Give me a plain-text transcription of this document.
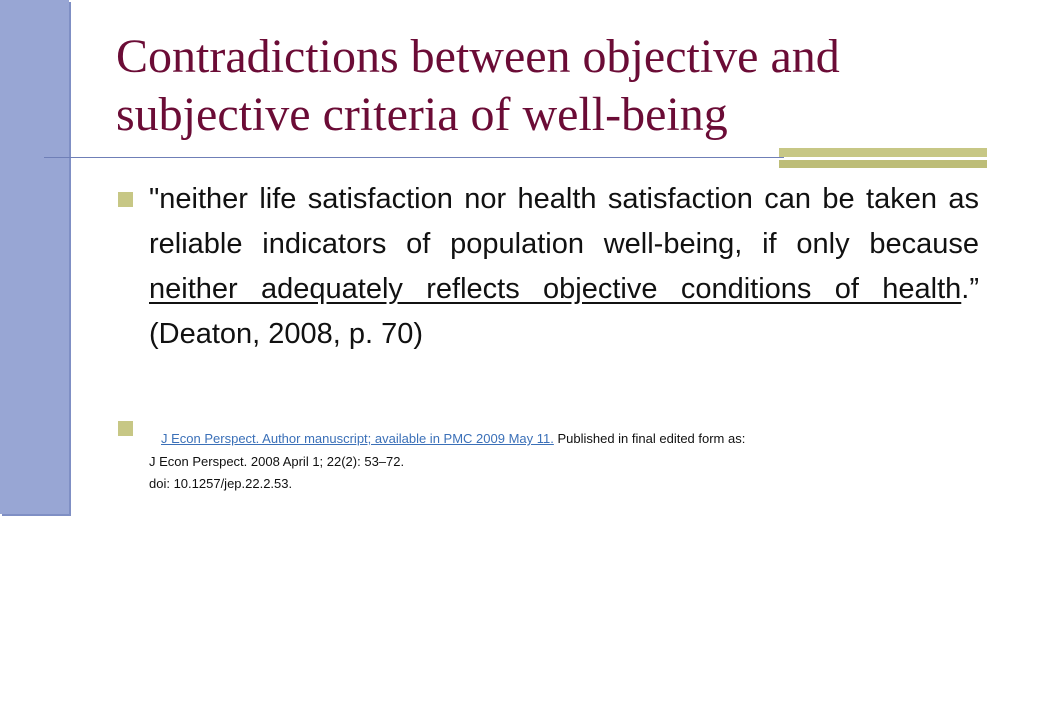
Contradictions between objective and subjective criteria of well-being

"neither life satisfaction nor health satisfaction can be taken as reliable indicators of population well-being, if only because neither adequately reflects objective conditions of health.” (Deaton, 2008, p. 70)

J Econ Perspect. Author manuscript; available in PMC 2009 May 11. Published in final edited form as:
J Econ Perspect. 2008 April 1; 22(2): 53–72.
doi: 10.1257/jep.22.2.53.
